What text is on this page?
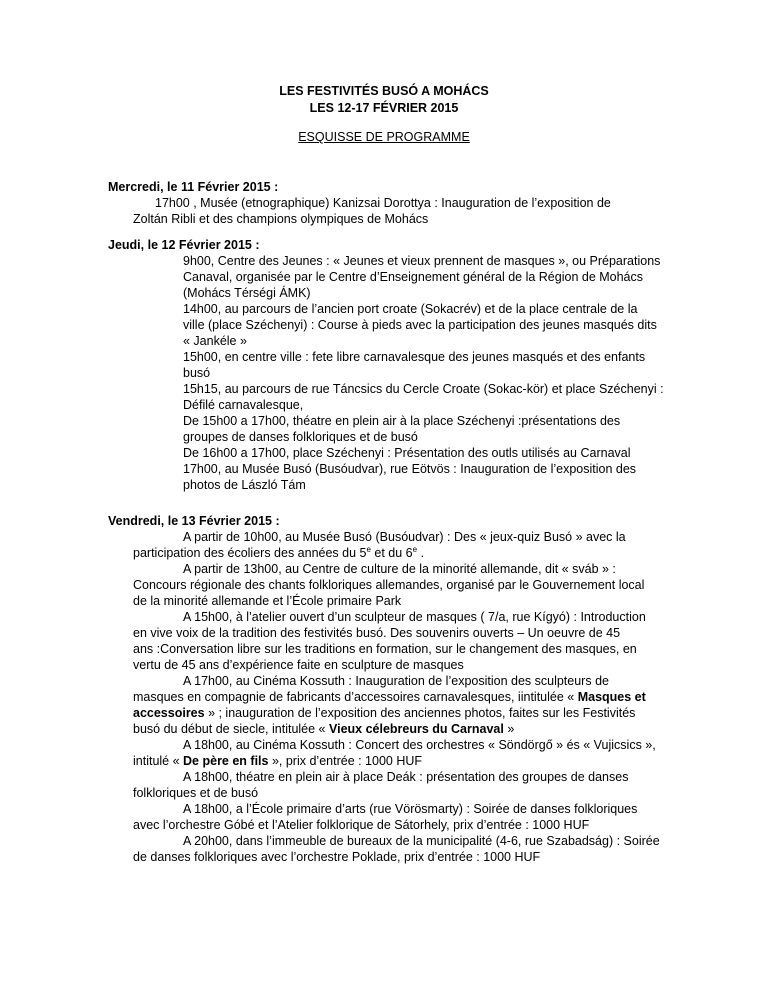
LES FESTIVITÉS BUSÓ A MOHÁCS
LES 12-17 FÉVRIER 2015
ESQUISSE DE PROGRAMME
Mercredi, le 11 Février 2015 :
17h00 , Musée (etnographique) Kanizsai Dorottya : Inauguration de l’exposition de
Zoltán Ribli et des champions olympiques de Mohács
Jeudi, le 12 Février 2015 :
9h00, Centre des Jeunes : « Jeunes et vieux prennent de masques », ou Préparations
Canaval, organisée par le Centre d’Enseignement général de la Région de Mohács
(Mohács Térségi ÁMK)
14h00, au parcours de l’ancien port croate (Sokacrév) et de la place centrale de la
ville (place Széchenyi) : Course à pieds avec la participation des jeunes masqués dits
« Jankéle »
15h00, en centre ville : fete libre carnavalesque des jeunes masqués et des enfants
busó
15h15, au parcours de rue Táncsics du Cercle Croate (Sokac-kör) et place Széchenyi :
Défilé carnavalesque,
De 15h00 a 17h00, théatre en plein air à la place Széchenyi :présentations des
groupes de danses folkloriques et de busó
De 16h00 a 17h00, place Széchenyi : Présentation des outls utilisés au Carnaval
17h00, au Musée Busó (Busóudvar), rue Eötvös : Inauguration de l’exposition des
photos de László Tám
Vendredi, le 13 Février 2015 :
A partir de 10h00, au Musée Busó (Busóudvar) : Des « jeux-quiz Busó » avec la
participation des écoliers des années du 5e et du 6e .
A partir de 13h00, au Centre de culture de la minorité allemande, dit « sváb » :
Concours régionale des chants folkloriques allemandes, organisé par le Gouvernement local
de la minorité allemande et l’École primaire Park
A 15h00, à l’atelier ouvert d’un sculpteur de masques ( 7/a, rue Kígyó) : Introduction
en vive voix de la tradition des festivités busó. Des souvenirs ouverts – Un oeuvre de 45
ans :Conversation libre sur les traditions en formation, sur le changement des masques, en
vertu de 45 ans d’expérience faite en sculpture de masques
A 17h00, au Cinéma Kossuth : Inauguration de l’exposition des sculpteurs de
masques en compagnie de fabricants d’accessoires carnavalesques, iintitulée « Masques et
accessoires » ; inauguration de l’exposition des anciennes photos, faites sur les Festivités
busó du début de siecle, intitulée « Vieux célebreurs du Carnaval »
A 18h00, au Cinéma Kossuth : Concert des orchestres « Söndörgő » és « Vujicsics »,
intitulé « De père en fils », prix d’entrée : 1000 HUF
A 18h00, théatre en plein air à place Deák : présentation des groupes de danses
folkloriques et de busó
A 18h00, a l’École primaire d’arts (rue Vörösmarty) : Soirée de danses folkloriques
avec l’orchestre Góbé et l’Atelier folklorique de Sátorhely, prix d’entrée : 1000 HUF
A 20h00, dans l’immeuble de bureaux de la municipalité (4-6, rue Szabadság) : Soirée
de danses folkloriques avec l’orchestre Poklade, prix d’entrée : 1000 HUF
